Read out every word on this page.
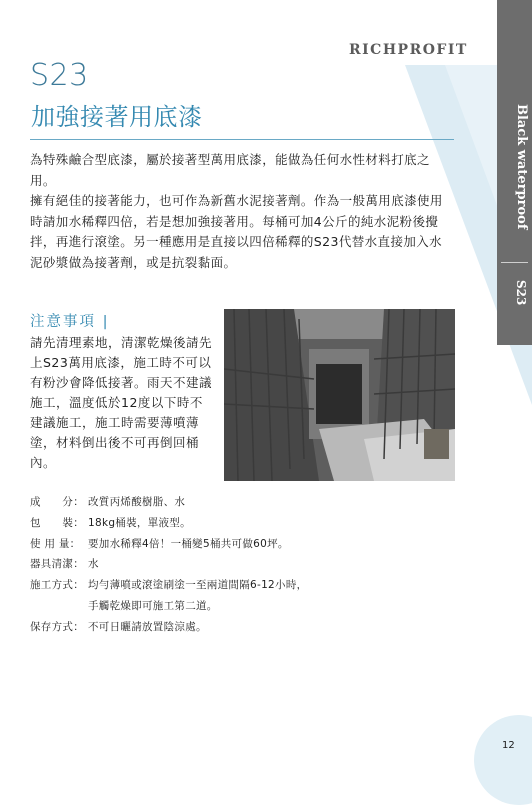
RICHPROFIT
Black waterproof
S23
S23
加強接著用底漆

為特殊鹼合型底漆，屬於接著型萬用底漆，能做為任何水性材料打底之用。

擁有絕佳的接著能力，也可作為新舊水泥接著劑。作為一般萬用底漆使用時請加水稀釋四倍，若是想加強接著用。每桶可加4公斤的純水泥粉後攪拌，再進行滾塗。另一種應用是直接以四倍稀釋的S23代替水直接加入水泥砂漿做為接著劑，或是抗裂黏面。

注意事項 |
請先清理素地，清潔乾燥後請先上S23萬用底漆，施工時不可以有粉沙會降低接著。雨天不建議施工，溫度低於12度以下時不建議施工，施工時需要薄噴薄塗，材料倒出後不可再倒回桶內。
成　　分： 改質丙烯酸樹脂、水
包　　裝： 18kg桶裝，單液型。
使 用 量： 要加水稀釋4倍！一桶變5桶共可做60坪。
器具清潔： 水
施工方式： 均勻薄噴或滾塗刷塗一至兩道間隔6-12小時，
手觸乾燥即可施工第二道。
保存方式： 不可日曬請放置陰涼處。
12
